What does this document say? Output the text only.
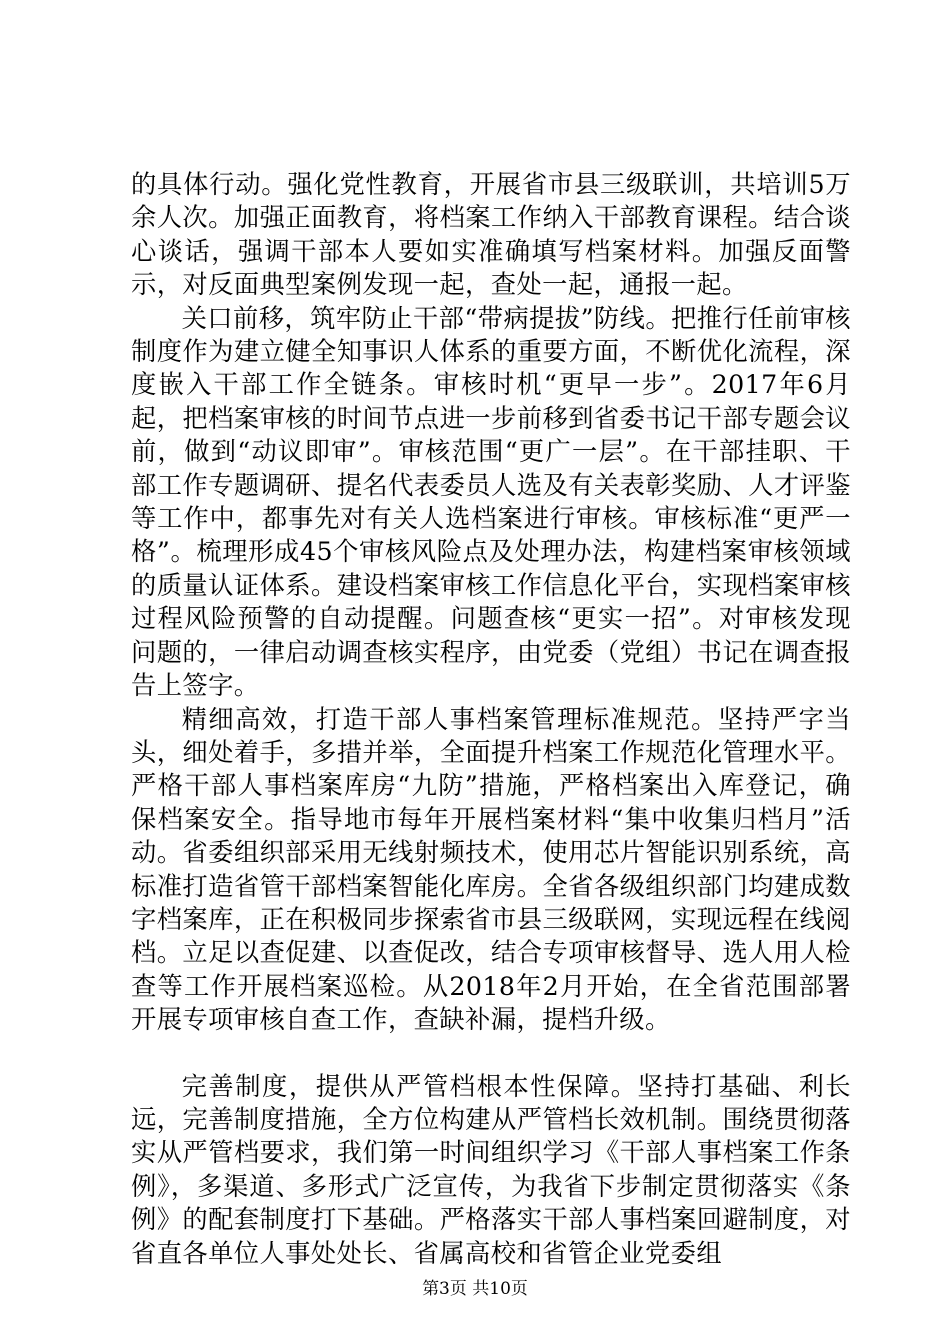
的具体行动。强化党性教育，开展省市县三级联训，共培训5万余人次。加强正面教育，将档案工作纳入干部教育课程。结合谈心谈话，强调干部本人要如实准确填写档案材料。加强反面警示，对反面典型案例发现一起，查处一起，通报一起。

关口前移，筑牢防止干部“带病提拔”防线。把推行任前审核制度作为建立健全知事识人体系的重要方面，不断优化流程，深度嵌入干部工作全链条。审核时机“更早一步”。2017年6月起，把档案审核的时间节点进一步前移到省委书记干部专题会议前，做到“动议即审”。审核范围“更广一层”。在干部挂职、干部工作专题调研、提名代表委员人选及有关表彰奖励、人才评鉴等工作中，都事先对有关人选档案进行审核。审核标准“更严一格”。梳理形成45个审核风险点及处理办法，构建档案审核领域的质量认证体系。建设档案审核工作信息化平台，实现档案审核过程风险预警的自动提醒。问题查核“更实一招”。对审核发现问题的，一律启动调查核实程序，由党委（党组）书记在调查报告上签字。

精细高效，打造干部人事档案管理标准规范。坚持严字当头，细处着手，多措并举，全面提升档案工作规范化管理水平。严格干部人事档案库房“九防”措施，严格档案出入库登记，确保档案安全。指导地市每年开展档案材料“集中收集归档月”活动。省委组织部采用无线射频技术，使用芯片智能识别系统，高标准打造省管干部档案智能化库房。全省各级组织部门均建成数字档案库，正在积极同步探索省市县三级联网，实现远程在线阅档。立足以查促建、以查促改，结合专项审核督导、选人用人检查等工作开展档案巡检。从2018年2月开始，在全省范围部署开展专项审核自查工作，查缺补漏，提档升级。

完善制度，提供从严管档根本性保障。坚持打基础、利长远，完善制度措施，全方位构建从严管档长效机制。围绕贯彻落实从严管档要求，我们第一时间组织学习《干部人事档案工作条例》，多渠道、多形式广泛宣传，为我省下步制定贯彻落实《条例》的配套制度打下基础。严格落实干部人事档案回避制度，对省直各单位人事处处长、省属高校和省管企业党委组

第3页 共10页
